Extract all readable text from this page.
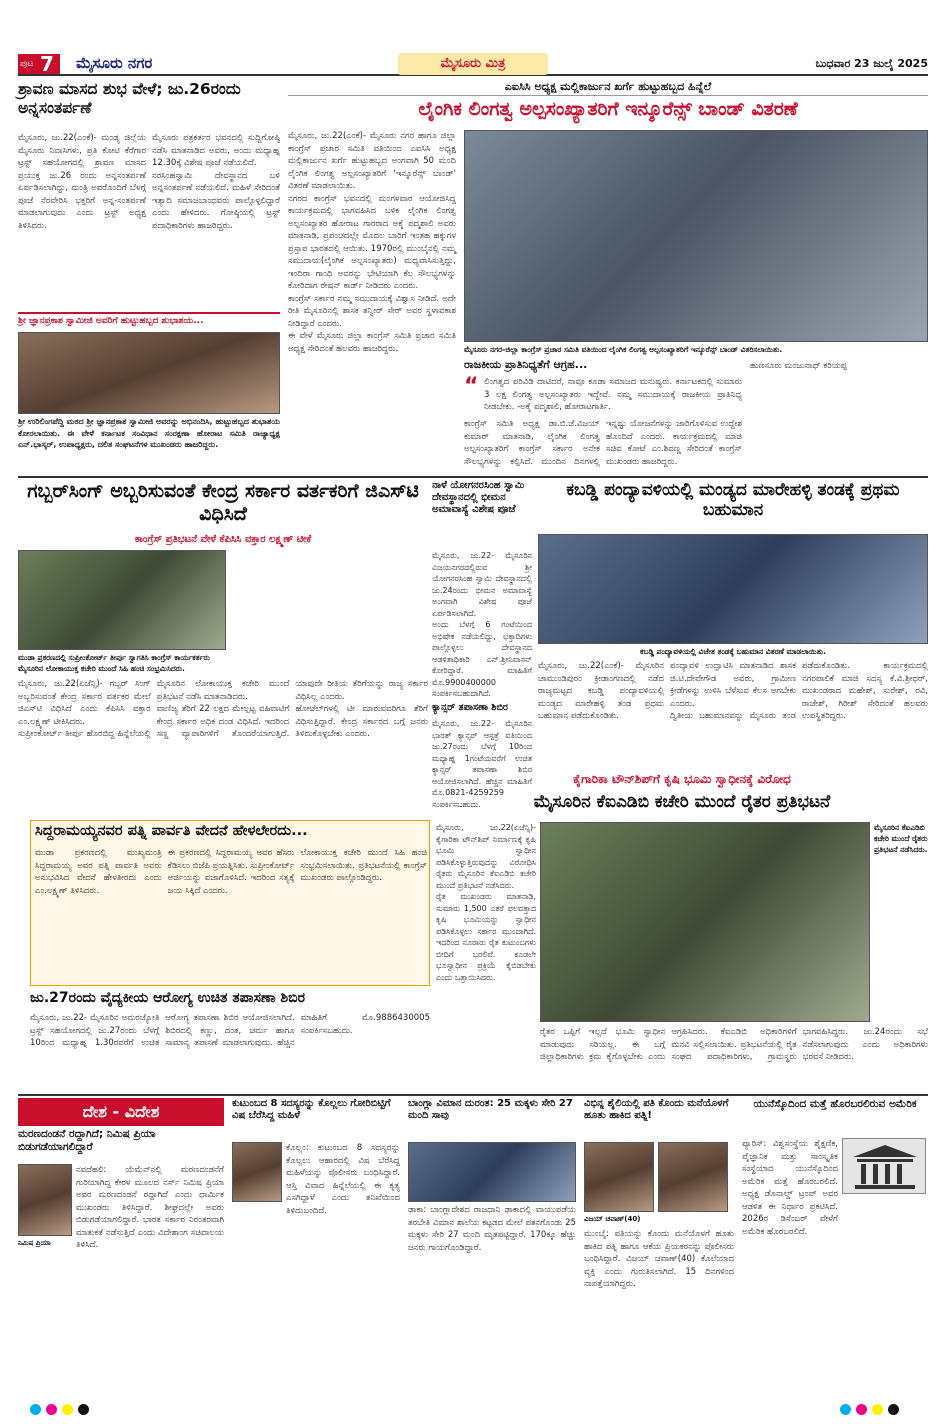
ಪುಟ 7	ಮೈಸೂರು ನಗರ	ಮೈಸೂರು ಮಿತ್ರ	ಬುಧವಾರ 23 ಜುಲೈ 2025
ಶ್ರಾವಣ ಮಾಸದ ಶುಭ ವೇಳೆ; ಜು.26ರಂದು ಅನ್ನಸಂತರ್ಪಣೆ
ಮೈಸೂರು, ಜು.22(ಎಂಕೆ)- ಮಂಡ್ಯ ಜಿಲ್ಲೆಯ ಮೈಸೂರು ನಿವಾಸಿಗಳು, ಪ್ರತಿ ಕೋಟಿ ಕೆರೆಗಾರ ಟ್ರಸ್ಟ್ ಸಹಯೋಗದಲ್ಲಿ ಶ್ರಾವಣ ಮಾಸದ ಪ್ರಯುಕ್ತ ಜು.26 ರಂದು ಅನ್ನಸಂತರ್ಪಣೆ ಏರ್ಪಡಿಸಲಾಗಿದ್ದು, ಮಂತ್ರಿ ಅವರೊಂದಿಗೆ ಬೆಳಗ್ಗೆ ಪೂಜೆ ನೆರವೇರಿಸಿ ಭಕ್ತರಿಗೆ ಅನ್ನ-ಸಂತರ್ಪಣೆ ಮಾಡಲಾಗುವುದು ಎಂದು ಟ್ರಸ್ಟ್ ಅಧ್ಯಕ್ಷ ತಿಳಿಸಿದರು.
ಮೈಸೂರು ಪತ್ರಕರ್ತರ ಭವನದಲ್ಲಿ ಸುದ್ದಿಗೋಷ್ಠಿ ನಡೆಸಿ ಮಾತನಾಡಿದ ಅವರು, ಅಂದು ಮಧ್ಯಾಹ್ನ 12.30ಕ್ಕೆ ವಿಶೇಷ ಪೂಜೆ ನಡೆಯಲಿದೆ.
ನರಸಿಂಹಸ್ವಾಮಿ ದೇವಸ್ಥಾನದ ಬಳಿ ಅನ್ನಸಂತರ್ಪಣೆ ನಡೆಯಲಿದೆ. ಮಹಿಳೆ ಸೇರಿದಂತೆ ಇತ್ಯಾದಿ ಸಮಾಜಬಾಂಧವರು ಪಾಲ್ಗೊಳ್ಳಲಿದ್ದಾರೆ ಎಂದು ಹೇಳಿದರು. ಗೋಷ್ಠಿಯಲ್ಲಿ ಟ್ರಸ್ಟ್ ಪದಾಧಿಕಾರಿಗಳು ಹಾಜರಿದ್ದರು.
ಶ್ರೀ ಜ್ಞಾನಪ್ರಕಾಶ ಸ್ವಾಮೀಜಿ ಅವರಿಗೆ ಹುಟ್ಟುಹಬ್ಬದ ಶುಭಾಶಯ...
ಶ್ರೀ ಉರಿಲಿಂಗಪೆದ್ದಿ ಮಠದ ಶ್ರೀ ಜ್ಞಾನಪ್ರಕಾಶ ಸ್ವಾಮೀಜಿ ಅವರನ್ನು ಅಭಿನಂದಿಸಿ, ಹುಟ್ಟುಹಬ್ಬದ ಶುಭಾಶಯ ಕೋರಲಾಯಿತು. ಈ ವೇಳೆ ಕರ್ನಾಟಕ ಸಂವಿಧಾನ ಸಂರಕ್ಷಣಾ ಹೋರಾಟ ಸಮಿತಿ ರಾಜ್ಯಾಧ್ಯಕ್ಷ ಎನ್.ಭಾಸ್ಕರ್, ಉಪಾಧ್ಯಕ್ಷರು, ದಲಿತ ಸಂಘಟನೆಗಳ ಮುಖಂಡರು ಹಾಜರಿದ್ದರು.
ಎಐಸಿಸಿ ಅಧ್ಯಕ್ಷ ಮಲ್ಲಿಕಾರ್ಜುನ ಖರ್ಗೆ ಹುಟ್ಟುಹಬ್ಬದ ಹಿನ್ನೆಲೆ
ಲೈಂಗಿಕ ಲಿಂಗತ್ವ ಅಲ್ಪಸಂಖ್ಯಾತರಿಗೆ ಇನ್ಶೂರೆನ್ಸ್ ಬಾಂಡ್ ವಿತರಣೆ
ಮೈಸೂರು, ಜು.22(ಎಂಕೆ)- ಮೈಸೂರು ನಗರ ಹಾಗೂ ಜಿಲ್ಲಾ ಕಾಂಗ್ರೆಸ್ ಪ್ರಚಾರ ಸಮಿತಿ ವತಿಯಿಂದ ಎಐಸಿಸಿ ಅಧ್ಯಕ್ಷ ಮಲ್ಲಿಕಾರ್ಜುನ ಖರ್ಗೆ ಹುಟ್ಟುಹಬ್ಬದ ಅಂಗವಾಗಿ 50 ಮಂದಿ ಲೈಂಗಿಕ ಲಿಂಗತ್ವ ಅಲ್ಪಸಂಖ್ಯಾತರಿಗೆ 'ಇನ್ಶೂರೆನ್ಸ್ ಬಾಂಡ್' ವಿತರಣೆ ಮಾಡಲಾಯಿತು.
ನಗರದ ಕಾಂಗ್ರೆಸ್ ಭವನದಲ್ಲಿ ಮಂಗಳವಾರ ಆಯೋಜಿಸಿದ್ದ ಕಾರ್ಯಕ್ರಮದಲ್ಲಿ ಭಾಗವಹಿಸಿದ ಬಳಿಕ ಲೈಂಗಿಕ ಲಿಂಗತ್ವ ಅಲ್ಪಸಂಖ್ಯಾತರ ಹೋರಾಟ ಗಾರರಾದ ಅಕೈ ಪದ್ಮಶಾಲಿ ಅವರು ಮಾತನಾಡಿ, ಪ್ರಪಂಚದಲ್ಲೇ ಮೊದಲ ಬಾರಿಗೆ ಇಂತಹ ಹಕ್ಕುಗಳ ಪ್ರಸ್ತಾಪ ಭಾರತದಲ್ಲಿ ಆಯಿತು. 1970ರಲ್ಲಿ ಮುಂಬೈನಲ್ಲಿ ನಮ್ಮ ಸಮುದಾಯ(ಲೈಂಗಿಕ ಅಲ್ಪಸಂಖ್ಯಾತರು) ಮಧ್ಯವಾಸಿಸುತ್ತಿದ್ದು, ಇಂದಿರಾ ಗಾಂಧಿ ಅವರನ್ನು ಭೇಟಿಯಾಗಿ ಕೆಲ ಸೌಲಭ್ಯಗಳನ್ನು ಕೋರಿದಾಗ ರೇಷನ್ ಕಾರ್ಡ್ ನೀಡಿದರು ಎಂದರು.
ಕಾಂಗ್ರೆಸ್ ಸರ್ಕಾರ ನಮ್ಮ ಸಮುದಾಯಕ್ಕೆ ವಿಶ್ವಾಸ ನೀಡಿದೆ. ಅದೇ ರೀತಿ ಮೈಸೂರಿನಲ್ಲಿ ಶಾಸಕ ತನ್ವೀರ್ ಸೇಠ್ ಅವರ ಸ್ಥಳಾವಕಾಶ ನೀಡಿದ್ದಾರೆ ಎಂದರು.
ಈ ವೇಳೆ ಮೈಸೂರು ಜಿಲ್ಲಾ ಕಾಂಗ್ರೆಸ್ ಸಮಿತಿ ಪ್ರಚಾರ ಸಮಿತಿ ಅಧ್ಯಕ್ಷ ಸೇರಿದಂತೆ ಹಲವರು ಹಾಜರಿದ್ದರು.	ಮೈಸೂರು ನಗರ-ಜಿಲ್ಲಾ ಕಾಂಗ್ರೆಸ್ ಪ್ರಚಾರ ಸಮಿತಿ ವತಿಯಿಂದ ಲೈಂಗಿಕ ಲಿಂಗತ್ವ ಅಲ್ಪಸಂಖ್ಯಾತರಿಗೆ ಇನ್ಶೂರೆನ್ಸ್ ಬಾಂಡ್ ವಿತರಿಸಲಾಯಿತು.
ರಾಜಕೀಯ ಪ್ರಾತಿನಿಧ್ಯತೆಗೆ ಆಗ್ರಹ...
“ ಲಿಂಗತ್ವದ ಪರಿವಿಡಿ ದಾಟಿದರೆ, ನಾವೂ ಕೂಡಾ ಸಮಾಜದ ಮನುಷ್ಯರು. ಕರ್ನಾಟಕದಲ್ಲಿ ಸುಮಾರು 3 ಲಕ್ಷ ಲಿಂಗತ್ವ ಅಲ್ಪಸಂಖ್ಯಾತರು ಇದ್ದೇವೆ. ನಮ್ಮ ಸಮುದಾಯಕ್ಕೆ ರಾಜಕೀಯ ಪ್ರಾತಿನಿಧ್ಯ ನೀಡಬೇಕು. -ಅಕೈ ಪದ್ಮಶಾಲಿ, ಹೋರಾಟಗಾರ್ತಿ.
ಕಾಂಗ್ರೆಸ್ ಸಮಿತಿ ಅಧ್ಯಕ್ಷ ಡಾ.ಬಿ.ಜೆ.ವಿಜಯ್ ಕುಮಾರ್ ಮಾತನಾಡಿ, ಲೈಂಗಿಕ ಲಿಂಗತ್ವ ಅಲ್ಪಸಂಖ್ಯಾತರಿಗೆ ಕಾಂಗ್ರೆಸ್ ಸರ್ಕಾರ ಅನೇಕ ಸೌಲಭ್ಯಗಳನ್ನು ಕಲ್ಪಿಸಿದೆ. ಮುಂದಿನ ದಿನಗಳಲ್ಲಿ ಇನ್ನಷ್ಟು ಯೋಜನೆಗಳನ್ನು ಜಾರಿಗೊಳಿಸುವ ಉದ್ದೇಶ ಹೊಂದಿದೆ ಎಂದರು. ಕಾರ್ಯಕ್ರಮದಲ್ಲಿ ಮಾಜಿ ಸಚಿವ ಕೋಟೆ ಎಂ.ಶಿವಣ್ಣ ಸೇರಿದಂತೆ ಕಾಂಗ್ರೆಸ್ ಮುಖಂಡರು ಹಾಜರಿದ್ದರು.
ಹುಣಸೂರು ಮಂಜುನಾಥ್ ಕರಿಯಪ್ಪ
ಗಬ್ಬರ್‌ಸಿಂಗ್ ಅಬ್ಬರಿಸುವಂತೆ ಕೇಂದ್ರ ಸರ್ಕಾರ ವರ್ತಕರಿಗೆ ಜಿಎಸ್‌ಟಿ ವಿಧಿಸಿದೆ
ಕಾಂಗ್ರೆಸ್ ಪ್ರತಿಭಟನೆ ವೇಳೆ ಕೆಪಿಸಿಸಿ ವಕ್ತಾರ ಲಕ್ಷ್ಮಣ್ ಟೀಕೆ
ಮುಡಾ ಪ್ರಕರಣದಲ್ಲಿ ಸುಪ್ರೀಂಕೋರ್ಟ್ ತೀರ್ಪು ಸ್ವಾಗತಿಸಿ ಕಾಂಗ್ರೆಸ್ ಕಾರ್ಯಕರ್ತರು ಮೈಸೂರಿನ ಲೋಕಾಯುಕ್ತ ಕಚೇರಿ ಮುಂದೆ ಸಿಹಿ ಹಂಚಿ ಸಂಭ್ರಮಿಸಿದರು.
ಮೈಸೂರು, ಜು.22(ಏಜೆನ್ಸಿ)- ಗಬ್ಬರ್ ಸಿಂಗ್ ಅಬ್ಬರಿಸುವಂತೆ ಕೇಂದ್ರ ಸರ್ಕಾರ ವರ್ತಕರ ಮೇಲೆ ಜಿಎಸ್‌ಟಿ ವಿಧಿಸಿದೆ ಎಂದು ಕೆಪಿಸಿಸಿ ವಕ್ತಾರ ಎಂ.ಲಕ್ಷ್ಮಣ್ ಟೀಕಿಸಿದರು.
ಸುಪ್ರೀಂಕೋರ್ಟ್ ತೀರ್ಪು ಹೊರಬಿದ್ದ ಹಿನ್ನೆಲೆಯಲ್ಲಿ ಮೈಸೂರಿನ ಲೋಕಾಯುಕ್ತ ಕಚೇರಿ ಮುಂದೆ ಪ್ರತಿಭಟನೆ ನಡೆಸಿ ಮಾತನಾಡಿದರು.
ವಾಣಿಜ್ಯ ತೆರಿಗೆ 22 ಲಕ್ಷದ ಮೇಲ್ಪಟ್ಟ ವಹಿವಾಟಿಗೆ ಕೇಂದ್ರ ಸರ್ಕಾರ ಅಧಿಕ ದಂಡ ವಿಧಿಸಿದೆ. ಇದರಿಂದ ಸಣ್ಣ ವ್ಯಾಪಾರಿಗಳಿಗೆ ತೊಂದರೆಯಾಗುತ್ತಿದೆ. ಯಾವುದೇ ರೀತಿಯ ತೆರಿಗೆಯನ್ನು ರಾಜ್ಯ ಸರ್ಕಾರ ವಿಧಿಸಿಲ್ಲ ಎಂದರು.
ಹೋಟೆಲ್‌ಗಳಲ್ಲಿ ಟೀ ಮಾರುವವರಿಗೂ ತೆರಿಗೆ ವಿಧಿಸುತ್ತಿದ್ದಾರೆ. ಕೇಂದ್ರ ಸರ್ಕಾರದ ಬಗ್ಗೆ ಜನರು ತಿಳಿದುಕೊಳ್ಳಬೇಕು ಎಂದರು.
ನಾಳೆ ಯೋಗನರಸಿಂಹ ಸ್ವಾಮಿ ದೇವಸ್ಥಾನದಲ್ಲಿ ಭೀಮನ ಅಮಾವಾಸ್ಯೆ ವಿಶೇಷ ಪೂಜೆ
ಮೈಸೂರು, ಜು.22- ಮೈಸೂರಿನ ವಿಜಯನಗರದಲ್ಲಿರುವ ಶ್ರೀ ಯೋಗನರಸಿಂಹ ಸ್ವಾಮಿ ದೇವಸ್ಥಾನದಲ್ಲಿ ಜು.24ರಂದು ಭೀಮನ ಅಮಾವಾಸ್ಯೆ ಅಂಗವಾಗಿ ವಿಶೇಷ ಪೂಜೆ ಏರ್ಪಡಿಸಲಾಗಿದೆ.
ಅಂದು ಬೆಳಗ್ಗೆ 6 ಗಂಟೆಯಿಂದ ಅಭಿಷೇಕ ನಡೆಯಲಿದ್ದು, ಭಕ್ತಾದಿಗಳು ಪಾಲ್ಗೊಳ್ಳಲು ದೇವಸ್ಥಾನದ ಆಡಳಿತಾಧಿಕಾರಿ ಎನ್.ಶ್ರೀನಿವಾಸನ್ ಕೋರಿದ್ದಾರೆ. ಮಾಹಿತಿಗೆ ಮೊ.9900400000 ಸಂಪರ್ಕಿಸಬಹುದಾಗಿದೆ.
ಕ್ಯಾನ್ಸರ್ ತಪಾಸಣಾ ಶಿಬಿರ
ಮೈಸೂರು, ಜು.22- ಮೈಸೂರಿನ ಭಾರತ್ ಕ್ಯಾನ್ಸರ್ ಆಸ್ಪತ್ರೆ ವತಿಯಿಂದ ಜು.27ರಂದು ಬೆಳಗ್ಗೆ 10ರಿಂದ ಮಧ್ಯಾಹ್ನ 1ಗಂಟೆಯವರೆಗೆ ಉಚಿತ ಕ್ಯಾನ್ಸರ್ ತಪಾಸಣಾ ಶಿಬಿರ ಆಯೋಜಿಸಲಾಗಿದೆ. ಹೆಚ್ಚಿನ ಮಾಹಿತಿಗೆ ಮೊ.0821-4259259 ಸಂಪರ್ಕಿಸಬಹುದು.
ಕಬಡ್ಡಿ ಪಂದ್ಯಾವಳಿಯಲ್ಲಿ ಮಂಡ್ಯದ ಮಾರೇಹಳ್ಳಿ ತಂಡಕ್ಕೆ ಪ್ರಥಮ ಬಹುಮಾನ
ಕಬಡ್ಡಿ ಪಂದ್ಯಾವಳಿಯಲ್ಲಿ ವಿಜೇತ ತಂಡಕ್ಕೆ ಬಹುಮಾನ ವಿತರಣೆ ಮಾಡಲಾಯಿತು.
ಮೈಸೂರು, ಜು.22(ಎಂಕೆ)- ಮೈಸೂರಿನ ಚಾಮುಂಡಿಪುರಂ ಕ್ರೀಡಾಂಗಣದಲ್ಲಿ ನಡೆದ ರಾಜ್ಯಮಟ್ಟದ ಕಬಡ್ಡಿ ಪಂದ್ಯಾವಳಿಯಲ್ಲಿ ಮಂಡ್ಯದ ಮಾರೇಹಳ್ಳಿ ತಂಡ ಪ್ರಥಮ ಬಹುಮಾನ ಪಡೆದುಕೊಂಡಿತು.
ಪಂದ್ಯಾವಳಿ ಉದ್ಘಾಟಿಸಿ ಮಾತನಾಡಿದ ಶಾಸಕ ಜಿ.ಟಿ.ದೇವೇಗೌಡ ಅವರು, ಗ್ರಾಮೀಣ ಕ್ರೀಡೆಗಳನ್ನು ಉಳಿಸಿ ಬೆಳೆಸುವ ಕೆಲಸ ಆಗಬೇಕು ಎಂದರು.
ದ್ವಿತೀಯ ಬಹುಮಾನವನ್ನು ಮೈಸೂರು ತಂಡ ಪಡೆದುಕೊಂಡಿತು. ಕಾರ್ಯಕ್ರಮದಲ್ಲಿ ನಗರಪಾಲಿಕೆ ಮಾಜಿ ಸದಸ್ಯ ಕೆ.ವಿ.ಶ್ರೀಧರ್, ಮುಖಂಡರಾದ ಮಹೇಶ್, ಸುರೇಶ್, ರವಿ, ರಾಜೇಶ್, ಗಿರೀಶ್ ಸೇರಿದಂತೆ ಹಲವರು ಉಪಸ್ಥಿತರಿದ್ದರು.
ಕೈಗಾರಿಕಾ ಟೌನ್‌ಶಿಪ್‌ಗೆ ಕೃಷಿ ಭೂಮಿ ಸ್ವಾಧೀನಕ್ಕೆ ವಿರೋಧ
ಮೈಸೂರಿನ ಕೆಐಎಡಿಬಿ ಕಚೇರಿ ಮುಂದೆ ರೈತರ ಪ್ರತಿಭಟನೆ
ಮೈಸೂರು, ಜು.22(ಏಜೆನ್ಸಿ)- ಕೈಗಾರಿಕಾ ಟೌನ್‌ಶಿಪ್ ನಿರ್ಮಾಣಕ್ಕೆ ಕೃಷಿ ಭೂಮಿ ಸ್ವಾಧೀನ ಪಡಿಸಿಕೊಳ್ಳುತ್ತಿರುವುದನ್ನು ವಿರೋಧಿಸಿ ರೈತರು ಮೈಸೂರಿನ ಕೆಐಎಡಿಬಿ ಕಚೇರಿ ಮುಂದೆ ಪ್ರತಿಭಟನೆ ನಡೆಸಿದರು.
ರೈತ ಮುಖಂಡರು ಮಾತನಾಡಿ, ಸುಮಾರು 1,500 ಎಕರೆ ಫಲವತ್ತಾದ ಕೃಷಿ ಭೂಮಿಯನ್ನು ಸ್ವಾಧೀನ ಪಡಿಸಿಕೊಳ್ಳಲು ಸರ್ಕಾರ ಮುಂದಾಗಿದೆ. ಇದರಿಂದ ನೂರಾರು ರೈತ ಕುಟುಂಬಗಳು ಬೀದಿಗೆ ಬರಲಿವೆ. ಕೂಡಲೇ ಭೂಸ್ವಾಧೀನ ಪ್ರಕ್ರಿಯೆ ಕೈಬಿಡಬೇಕು ಎಂದು ಒತ್ತಾಯಿಸಿದರು.
ಮೈಸೂರಿನ ಕೆಐಎಡಿಬಿ ಕಚೇರಿ ಮುಂದೆ ರೈತರು ಪ್ರತಿಭಟನೆ ನಡೆಸಿದರು.
ರೈತರ ಒಪ್ಪಿಗೆ ಇಲ್ಲದೆ ಭೂಮಿ ಸ್ವಾಧೀನ ಮಾಡುವುದು ಸರಿಯಲ್ಲ. ಈ ಬಗ್ಗೆ ಜಿಲ್ಲಾಧಿಕಾರಿಗಳು ಕ್ರಮ ಕೈಗೊಳ್ಳಬೇಕು ಎಂದು ಆಗ್ರಹಿಸಿದರು. ಕೆಐಎಡಿಬಿ ಅಧಿಕಾರಿಗಳಿಗೆ ಮನವಿ ಸಲ್ಲಿಸಲಾಯಿತು. ಪ್ರತಿಭಟನೆಯಲ್ಲಿ ರೈತ ಸಂಘದ ಪದಾಧಿಕಾರಿಗಳು, ಗ್ರಾಮಸ್ಥರು ಭಾಗವಹಿಸಿದ್ದರು. ಜು.24ರಂದು ಸಭೆ ನಡೆಸಲಾಗುವುದು ಎಂದು ಅಧಿಕಾರಿಗಳು ಭರವಸೆ ನೀಡಿದರು.
ಸಿದ್ದರಾಮಯ್ಯನವರ ಪತ್ನಿ ಪಾರ್ವತಿ ವೇದನೆ ಹೇಳಲೇರದು...
ಮುಡಾ ಪ್ರಕರಣದಲ್ಲಿ ಮುಖ್ಯಮಂತ್ರಿ ಸಿದ್ದರಾಮಯ್ಯ ಅವರ ಪತ್ನಿ ಪಾರ್ವತಿ ಅವರು ಅನುಭವಿಸಿದ ವೇದನೆ ಹೇಳತೀರದು ಎಂದು ಎಂ.ಲಕ್ಷ್ಮಣ್ ತಿಳಿಸಿದರು.
ಈ ಪ್ರಕರಣದಲ್ಲಿ ಸಿದ್ದರಾಮಯ್ಯ ಅವರ ಹೆಸರು ಕೆಡಿಸಲು ಬಿಜೆಪಿ ಪ್ರಯತ್ನಿಸಿತು. ಸುಪ್ರೀಂಕೋರ್ಟ್ ಅರ್ಜಿಯನ್ನು ವಜಾಗೊಳಿಸಿದೆ. ಇದರಿಂದ ಸತ್ಯಕ್ಕೆ ಜಯ ಸಿಕ್ಕಿದೆ ಎಂದರು.
ಲೋಕಾಯುಕ್ತ ಕಚೇರಿ ಮುಂದೆ ಸಿಹಿ ಹಂಚಿ ಸಂಭ್ರಮಿಸಲಾಯಿತು. ಪ್ರತಿಭಟನೆಯಲ್ಲಿ ಕಾಂಗ್ರೆಸ್ ಮುಖಂಡರು ಪಾಲ್ಗೊಂಡಿದ್ದರು.
ಜು.27ರಂದು ವೈದ್ಯಕೀಯ ಆರೋಗ್ಯ ಉಚಿತ ತಪಾಸಣಾ ಶಿಬಿರ
ಮೈಸೂರು, ಜು.22- ಮೈಸೂರಿನ ಅಮರಜ್ಯೋತಿ ಟ್ರಸ್ಟ್ ಸಹಯೋಗದಲ್ಲಿ ಜು.27ರಂದು ಬೆಳಗ್ಗೆ 10ರಿಂದ ಮಧ್ಯಾಹ್ನ 1.30ರವರೆಗೆ ಉಚಿತ ಆರೋಗ್ಯ ತಪಾಸಣಾ ಶಿಬಿರ ಆಯೋಜಿಸಲಾಗಿದೆ. ಶಿಬಿರದಲ್ಲಿ ಕಣ್ಣು, ದಂತ, ಚರ್ಮ ಹಾಗೂ ಸಾಮಾನ್ಯ ತಪಾಸಣೆ ಮಾಡಲಾಗುವುದು. ಹೆಚ್ಚಿನ ಮಾಹಿತಿಗೆ ಮೊ.9886430005 ಸಂಪರ್ಕಿಸಬಹುದು.
ದೇಶ - ವಿದೇಶ
ಮರಣದಂಡನೆ ರದ್ದಾಗಿದೆ; ನಿಮಿಷ ಪ್ರಿಯಾ ಬಿಡುಗಡೆಯಾಗಲಿದ್ದಾರೆ
ನಿಮಿಷ ಪ್ರಿಯಾ
ನವದೆಹಲಿ: ಯೆಮೆನ್‌ನಲ್ಲಿ ಮರಣದಂಡನೆಗೆ ಗುರಿಯಾಗಿದ್ದ ಕೇರಳ ಮೂಲದ ನರ್ಸ್ ನಿಮಿಷ ಪ್ರಿಯಾ ಅವರ ಮರಣದಂಡನೆ ರದ್ದಾಗಿದೆ ಎಂದು ಧಾರ್ಮಿಕ ಮುಖಂಡರು ತಿಳಿಸಿದ್ದಾರೆ. ಶೀಘ್ರದಲ್ಲೇ ಅವರು ಬಿಡುಗಡೆಯಾಗಲಿದ್ದಾರೆ. ಭಾರತ ಸರ್ಕಾರ ನಿರಂತರವಾಗಿ ಮಾತುಕತೆ ನಡೆಸುತ್ತಿದೆ ಎಂದು ವಿದೇಶಾಂಗ ಸಚಿವಾಲಯ ತಿಳಿಸಿದೆ.
ಕುಟುಂಬದ 8 ಸದಸ್ಯರನ್ನು ಕೊಲ್ಲಲು ಗೋರಿಬಿಟ್ಟಿಗೆ ವಿಷ ಬೆರೆಸಿದ್ದ ಮಹಿಳೆ
ಕೊಲ್ಲಂ: ಕುಟುಂಬದ 8 ಸದಸ್ಯರನ್ನು ಕೊಲ್ಲಲು ಆಹಾರದಲ್ಲಿ ವಿಷ ಬೆರೆಸಿದ್ದ ಮಹಿಳೆಯನ್ನು ಪೊಲೀಸರು ಬಂಧಿಸಿದ್ದಾರೆ. ಆಸ್ತಿ ವಿವಾದ ಹಿನ್ನೆಲೆಯಲ್ಲಿ ಈ ಕೃತ್ಯ ಎಸಗಿದ್ದಾಳೆ ಎಂದು ತನಿಖೆಯಿಂದ ತಿಳಿದುಬಂದಿದೆ.
ಬಾಂಗ್ಲಾ ವಿಮಾನ ದುರಂತ: 25 ಮಕ್ಕಳು ಸೇರಿ 27 ಮಂದಿ ಸಾವು
ಢಾಕಾ: ಬಾಂಗ್ಲಾದೇಶದ ರಾಜಧಾನಿ ಢಾಕಾದಲ್ಲಿ ವಾಯುಪಡೆಯ ತರಬೇತಿ ವಿಮಾನ ಶಾಲೆಯ ಕಟ್ಟಡದ ಮೇಲೆ ಪತನಗೊಂಡು 25 ಮಕ್ಕಳು ಸೇರಿ 27 ಮಂದಿ ಮೃತಪಟ್ಟಿದ್ದಾರೆ. 170ಕ್ಕೂ ಹೆಚ್ಚು ಜನರು ಗಾಯಗೊಂಡಿದ್ದಾರೆ.
ವಿಭಿನ್ನ ಶೈಲಿಯಲ್ಲಿ ಪತಿ ಕೊಂದು ಮನೆಯೊಳಗೆ ಹೂತು ಹಾಕಿದ ಪತ್ನಿ!
ವಿಜಯ್ ಚವಾಣ್(40)
ಮುಂಬೈ: ಪತಿಯನ್ನು ಕೊಂದು ಮನೆಯೊಳಗೆ ಹೂತು ಹಾಕಿದ ಪತ್ನಿ ಹಾಗೂ ಆಕೆಯ ಪ್ರಿಯಕರನನ್ನು ಪೊಲೀಸರು ಬಂಧಿಸಿದ್ದಾರೆ. ವಿಜಯ್ ಚವಾಣ್(40) ಕೊಲೆಯಾದ ವ್ಯಕ್ತಿ ಎಂದು ಗುರುತಿಸಲಾಗಿದೆ. 15 ದಿನಗಳಿಂದ ನಾಪತ್ತೆಯಾಗಿದ್ದರು.
ಯುನೆಸ್ಕೊದಿಂದ ಮತ್ತೆ ಹೊರಬರಲಿರುವ ಅಮೆರಿಕ
ಪ್ಯಾರಿಸ್: ವಿಶ್ವಸಂಸ್ಥೆಯ ಶೈಕ್ಷಣಿಕ, ವೈಜ್ಞಾನಿಕ ಮತ್ತು ಸಾಂಸ್ಕೃತಿಕ ಸಂಸ್ಥೆಯಾದ ಯುನೆಸ್ಕೊದಿಂದ ಅಮೆರಿಕ ಮತ್ತೆ ಹೊರಬರಲಿದೆ. ಅಧ್ಯಕ್ಷ ಡೊನಾಲ್ಡ್ ಟ್ರಂಪ್ ಅವರ ಆಡಳಿತ ಈ ನಿರ್ಧಾರ ಪ್ರಕಟಿಸಿದೆ. 2026ರ ಡಿಸೆಂಬರ್ ವೇಳೆಗೆ ಅಮೆರಿಕ ಹೊರಬರಲಿದೆ.
